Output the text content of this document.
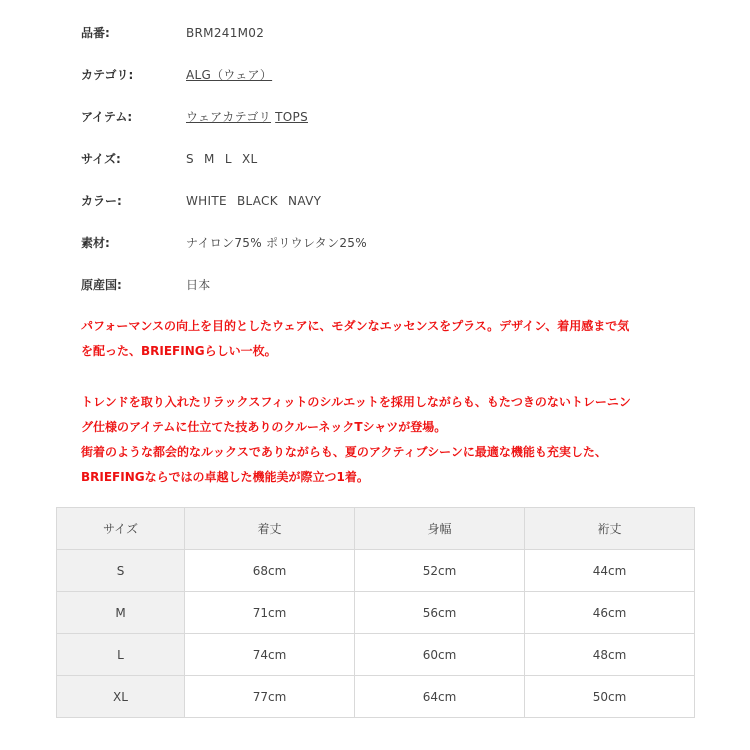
品番:	BRM241M02
カテゴリ:	ALG（ウェア）
アイテム:	ウェアカテゴリ TOPS
サイズ:	S M L XL
カラー:	WHITE BLACK NAVY
素材:	ナイロン75% ポリウレタン25%
原産国:	日本
パフォーマンスの向上を目的としたウェアに、モダンなエッセンスをプラス。デザイン、着用感まで気
を配った、BRIEFINGらしい一枚。
トレンドを取り入れたリラックスフィットのシルエットを採用しながらも、もたつきのないトレーニン
グ仕様のアイテムに仕立てた技ありのクルーネックTシャツが登場。
街着のような都会的なルックスでありながらも、夏のアクティブシーンに最適な機能も充実した、
BRIEFINGならではの卓越した機能美が際立つ1着。
サイズ	着丈	身幅	裄丈
S	68cm	52cm	44cm
M	71cm	56cm	46cm
L	74cm	60cm	48cm
XL	77cm	64cm	50cm
